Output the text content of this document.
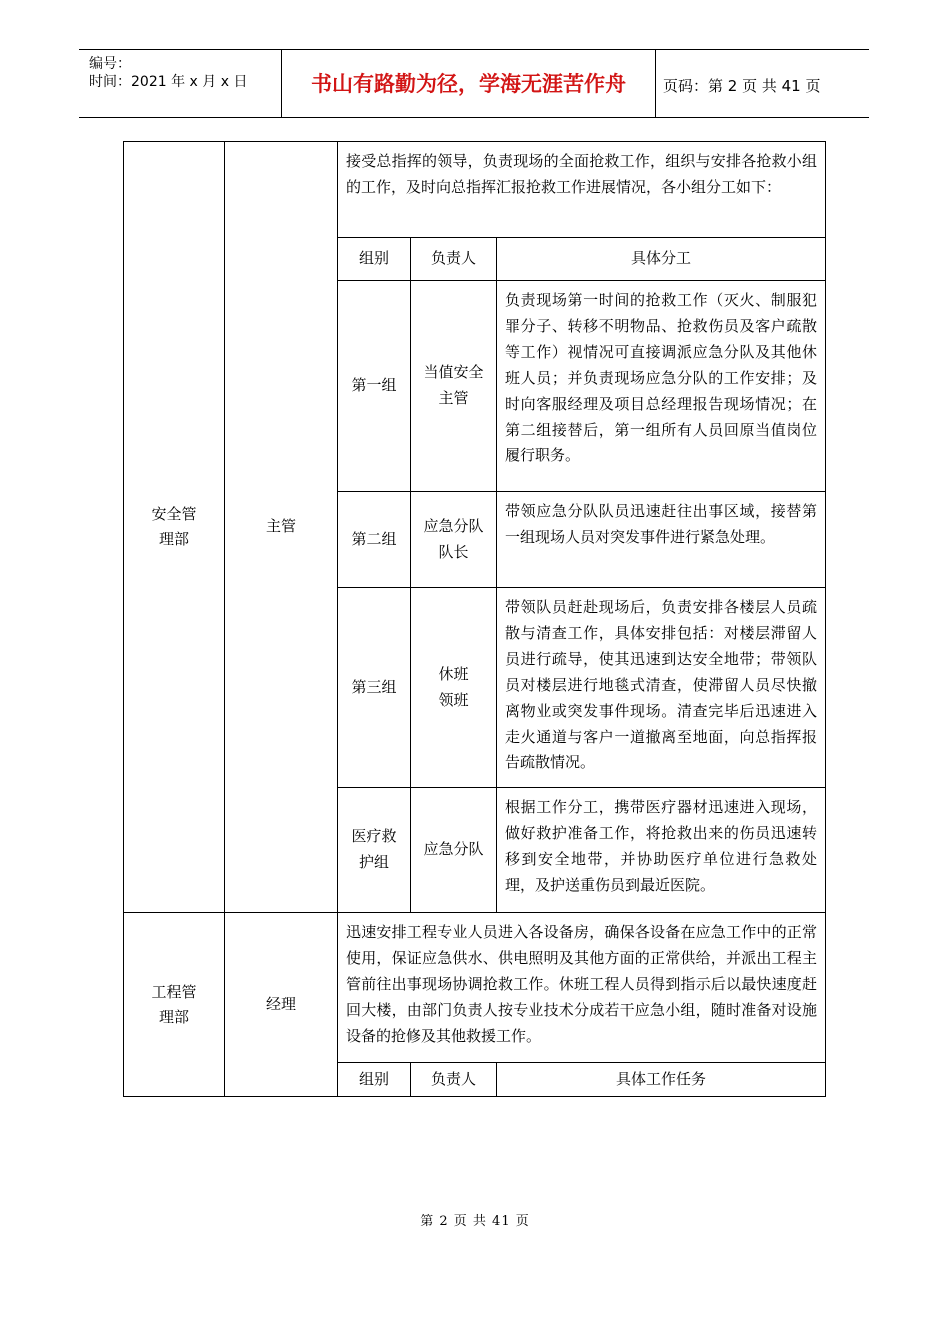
编号：
时间：2021 年 x 月 x 日	书山有路勤为径，学海无涯苦作舟	页码：第 2 页 共 41 页
安全管理部	主管	接受总指挥的领导，负责现场的全面抢救工作，组织与安排各抢救小组的工作，及时向总指挥汇报抢救工作进展情况，各小组分工如下：		
		组别	负责人	具体分工
		第一组	当值安全主管	负责现场第一时间的抢救工作（灭火、制服犯罪分子、转移不明物品、抢救伤员及客户疏散等工作）视情况可直接调派应急分队及其他休班人员；并负责现场应急分队的工作安排；及时向客服经理及项目总经理报告现场情况；在第二组接替后，第一组所有人员回原当值岗位履行职务。
		第二组	应急分队队长	带领应急分队队员迅速赶往出事区域，接替第一组现场人员对突发事件进行紧急处理。
		第三组	休班领班	带领队员赶赴现场后，负责安排各楼层人员疏散与清查工作，具体安排包括：对楼层滞留人员进行疏导，使其迅速到达安全地带；带领队员对楼层进行地毯式清查，使滞留人员尽快撤离物业或突发事件现场。清查完毕后迅速进入走火通道与客户一道撤离至地面，向总指挥报告疏散情况。
		医疗救护组	应急分队	根据工作分工，携带医疗器材迅速进入现场，做好救护准备工作，将抢救出来的伤员迅速转移到安全地带，并协助医疗单位进行急救处理，及护送重伤员到最近医院。
工程管理部	经理	迅速安排工程专业人员进入各设备房，确保各设备在应急工作中的正常使用，保证应急供水、供电照明及其他方面的正常供给，并派出工程主管前往出事现场协调抢救工作。休班工程人员得到指示后以最快速度赶回大楼，由部门负责人按专业技术分成若干应急小组，随时准备对设施设备的抢修及其他救援工作。		
		组别	负责人	具体工作任务
第 2 页 共 41 页
